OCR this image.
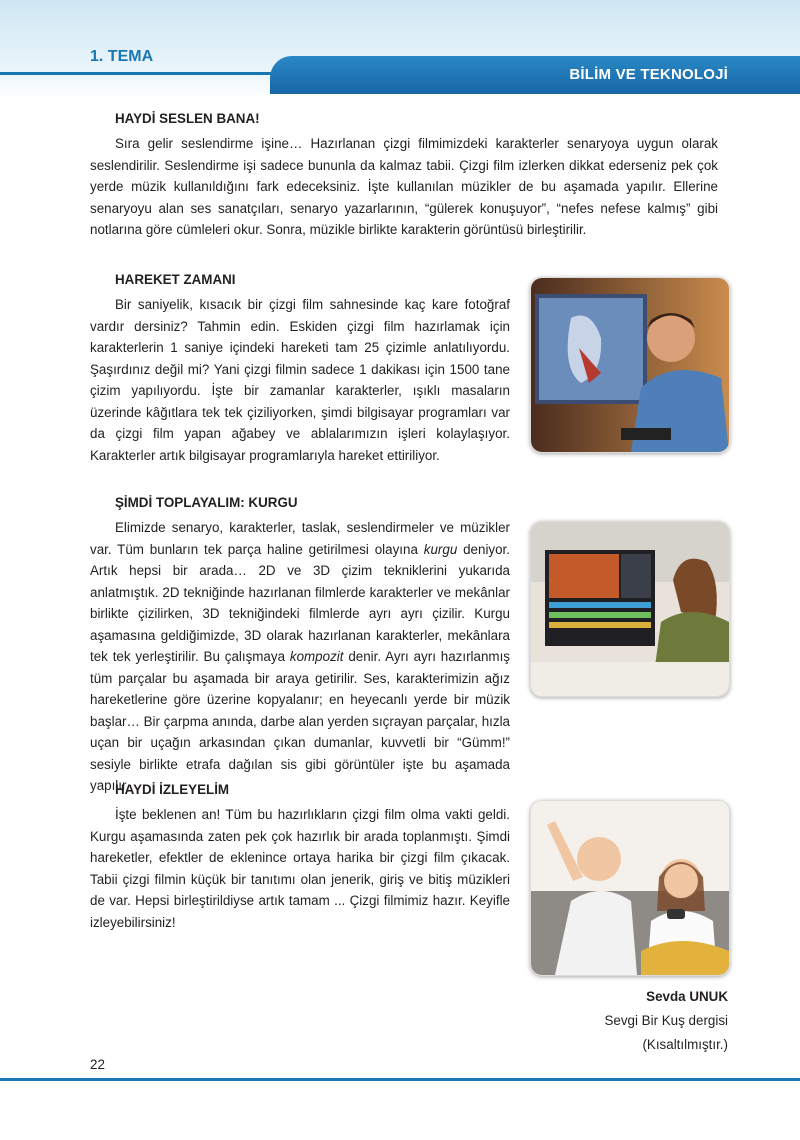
1. TEMA
BİLİM VE TEKNOLOJİ
HAYDİ SESLEN BANA!

Sıra gelir seslendirme işine… Hazırlanan çizgi filmimizdeki karakterler senaryoya uygun olarak seslendirilir. Seslendirme işi sadece bununla da kalmaz tabii. Çizgi film izlerken dikkat ederseniz pek çok yerde müzik kullanıldığını fark edeceksiniz. İşte kullanılan müzikler de bu aşamada yapılır. Ellerine senaryoyu alan ses sanatçıları, senaryo yazarlarının, “gülerek konuşuyor”, “nefes nefese kalmış” gibi notlarına göre cümleleri okur. Sonra, müzikle birlikte karakterin görüntüsü birleştirilir.

HAREKET ZAMANI

Bir saniyelik, kısacık bir çizgi film sahnesinde kaç kare fotoğraf vardır dersiniz? Tahmin edin. Eskiden çizgi film hazırlamak için karakterlerin 1 saniye içindeki hareketi tam 25 çizimle anlatılıyordu. Şaşırdınız değil mi? Yani çizgi filmin sadece 1 dakikası için 1500 tane çizim yapılıyordu. İşte bir zamanlar karakterler, ışıklı masaların üzerinde kâğıtlara tek tek çiziliyorken, şimdi bilgisayar programları var da çizgi film yapan ağabey ve ablalarımızın işleri kolaylaşıyor. Karakterler artık bilgisayar programlarıyla hareket ettiriliyor.

ŞİMDİ TOPLAYALIM: KURGU

Elimizde senaryo, karakterler, taslak, seslendirmeler ve müzikler var. Tüm bunların tek parça haline getirilmesi olayına kurgu deniyor. Artık hepsi bir arada… 2D ve 3D çizim tekniklerini yukarıda anlatmıştık. 2D tekniğinde hazırlanan filmlerde karakterler ve mekânlar birlikte çizilirken, 3D tekniğindeki filmlerde ayrı ayrı çizilir. Kurgu aşamasına geldiğimizde, 3D olarak hazırlanan karakterler, mekânlara tek tek yerleştirilir. Bu çalışmaya kompozit denir. Ayrı ayrı hazırlanmış tüm parçalar bu aşamada bir araya getirilir. Ses, karakterimizin ağız hareketlerine göre üzerine kopyalanır; en heyecanlı yerde bir müzik başlar… Bir çarpma anında, darbe alan yerden sıçrayan parçalar, hızla uçan bir uçağın arkasından çıkan dumanlar, kuvvetli bir “Gümm!” sesiyle birlikte etrafa dağılan sis gibi görüntüler işte bu aşamada yapılır.

HAYDİ İZLEYELİM

İşte beklenen an! Tüm bu hazırlıkların çizgi film olma vakti geldi. Kurgu aşamasında zaten pek çok hazırlık bir arada toplanmıştı. Şimdi hareketler, efektler de eklenince ortaya harika bir çizgi film çıkacak. Tabii çizgi filmin küçük bir tanıtımı olan jenerik, giriş ve bitiş müzikleri de var. Hepsi birleştirildiyse artık tamam ... Çizgi filmimiz hazır. Keyifle izleyebilirsiniz!

Sevda UNUK
Sevgi Bir Kuş dergisi
(Kısaltılmıştır.)
22
